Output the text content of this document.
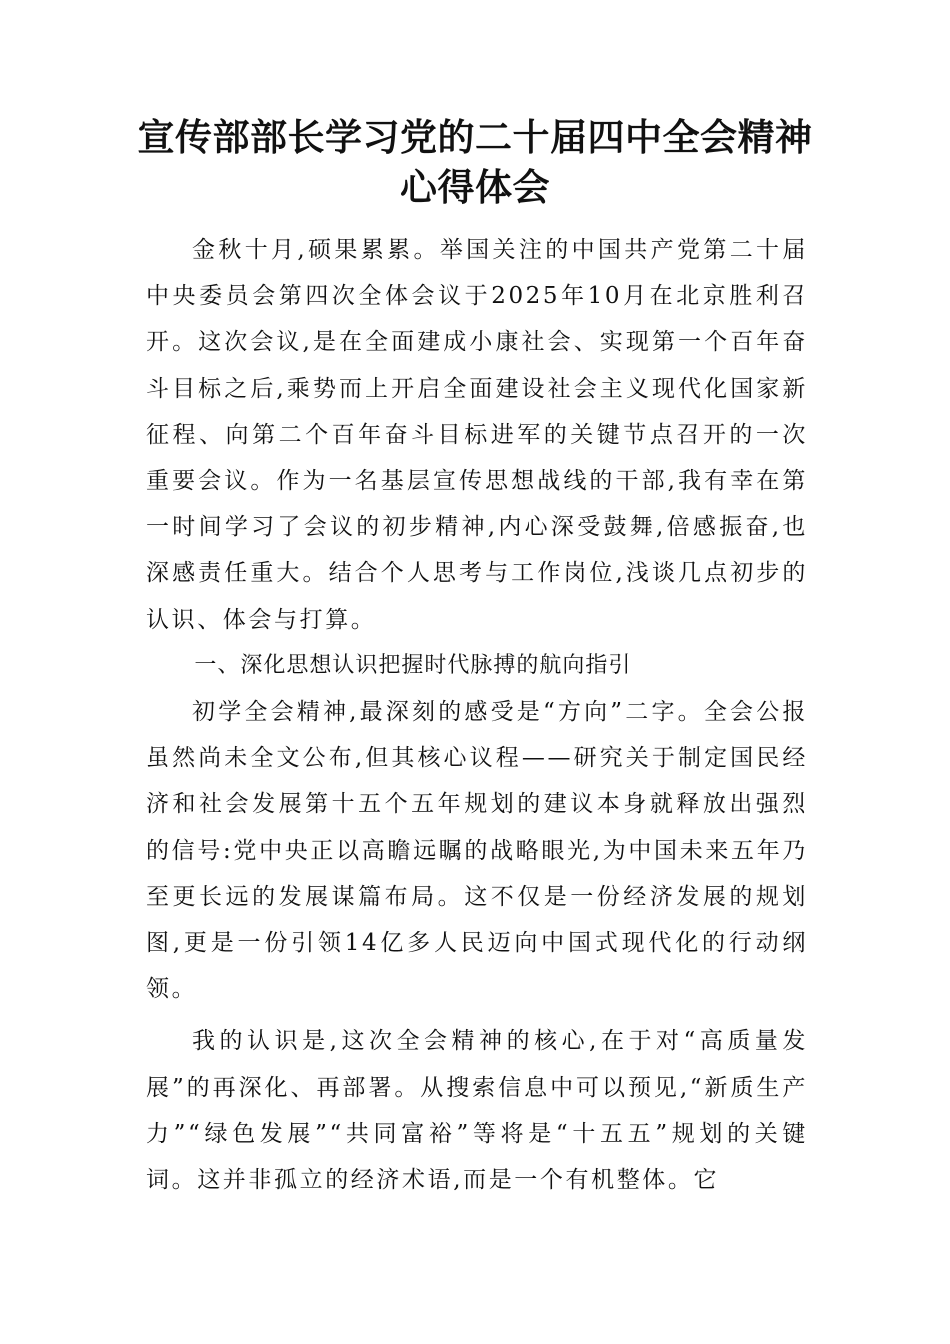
宣传部部长学习党的二十届四中全会精神
心得体会

金秋十月,硕果累累。举国关注的中国共产党第二十届中央委员会第四次全体会议于2025年10月在北京胜利召开。这次会议,是在全面建成小康社会、实现第一个百年奋斗目标之后,乘势而上开启全面建设社会主义现代化国家新征程、向第二个百年奋斗目标进军的关键节点召开的一次重要会议。作为一名基层宣传思想战线的干部,我有幸在第一时间学习了会议的初步精神,内心深受鼓舞,倍感振奋,也深感责任重大。结合个人思考与工作岗位,浅谈几点初步的认识、体会与打算。

一、深化思想认识把握时代脉搏的航向指引

初学全会精神,最深刻的感受是“方向”二字。全会公报虽然尚未全文公布,但其核心议程——研究关于制定国民经济和社会发展第十五个五年规划的建议本身就释放出强烈的信号:党中央正以高瞻远瞩的战略眼光,为中国未来五年乃至更长远的发展谋篇布局。这不仅是一份经济发展的规划图,更是一份引领14亿多人民迈向中国式现代化的行动纲领。

我的认识是,这次全会精神的核心,在于对“高质量发展”的再深化、再部署。从搜索信息中可以预见,“新质生产力”“绿色发展”“共同富裕”等将是“十五五”规划的关键词。这并非孤立的经济术语,而是一个有机整体。它
